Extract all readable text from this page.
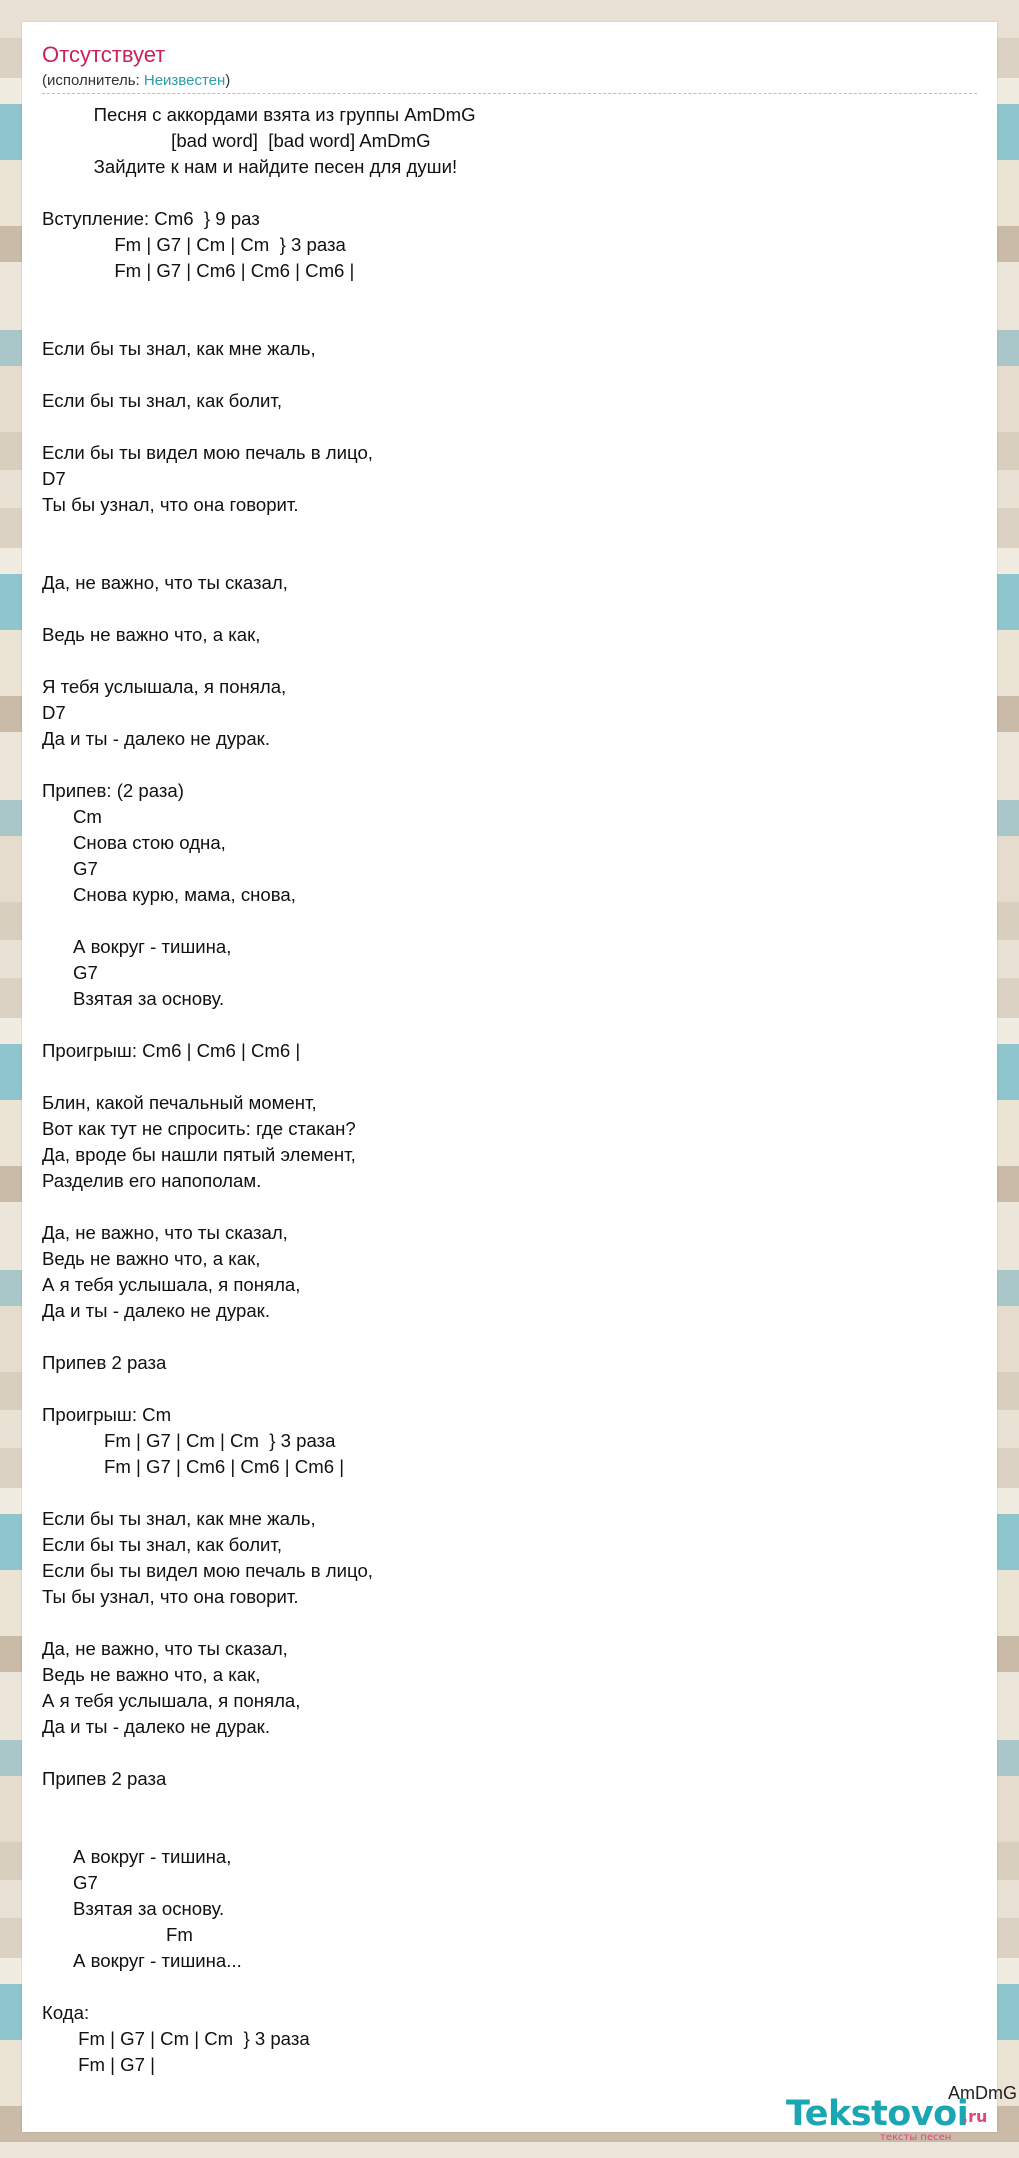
Отсутствует
(исполнитель: Неизвестен)
Песня с аккордами взята из группы AmDmG
[bad word]  [bad word] AmDmG
Зайдите к нам и найдите песен для души!

Вступление: Cm6  } 9 раз
Fm | G7 | Cm | Cm  } 3 раза
Fm | G7 | Cm6 | Cm6 | Cm6 |

Если бы ты знал, как мне жаль,

Если бы ты знал, как болит,

Если бы ты видел мою печаль в лицо,
D7
Ты бы узнал, что она говорит.

Да, не важно, что ты сказал,

Ведь не важно что, а как,

Я тебя услышала, я поняла,
D7
Да и ты - далеко не дурак.

Припев: (2 раза)
Cm
Снова стою одна,
G7
Снова курю, мама, снова,

А вокруг - тишина,
G7
Взятая за основу.

Проигрыш: Cm6 | Cm6 | Cm6 |

Блин, какой печальный момент,
Вот как тут не спросить: где стакан?
Да, вроде бы нашли пятый элемент,
Разделив его напополам.

Да, не важно, что ты сказал,
Ведь не важно что, а как,
А я тебя услышала, я поняла,
Да и ты - далеко не дурак.

Припев 2 раза

Проигрыш: Cm
Fm | G7 | Cm | Cm  } 3 раза
Fm | G7 | Cm6 | Cm6 | Cm6 |

Если бы ты знал, как мне жаль,
Если бы ты знал, как болит,
Если бы ты видел мою печаль в лицо,
Ты бы узнал, что она говорит.

Да, не важно, что ты сказал,
Ведь не важно что, а как,
А я тебя услышала, я поняла,
Да и ты - далеко не дурак.

Припев 2 раза

А вокруг - тишина,
G7
Взятая за основу.
Fm
А вокруг - тишина...

Кода:
Fm | G7 | Cm | Cm  } 3 раза
Fm | G7 |

AmDmG
Tekstovoi
.ru
тексты песен
